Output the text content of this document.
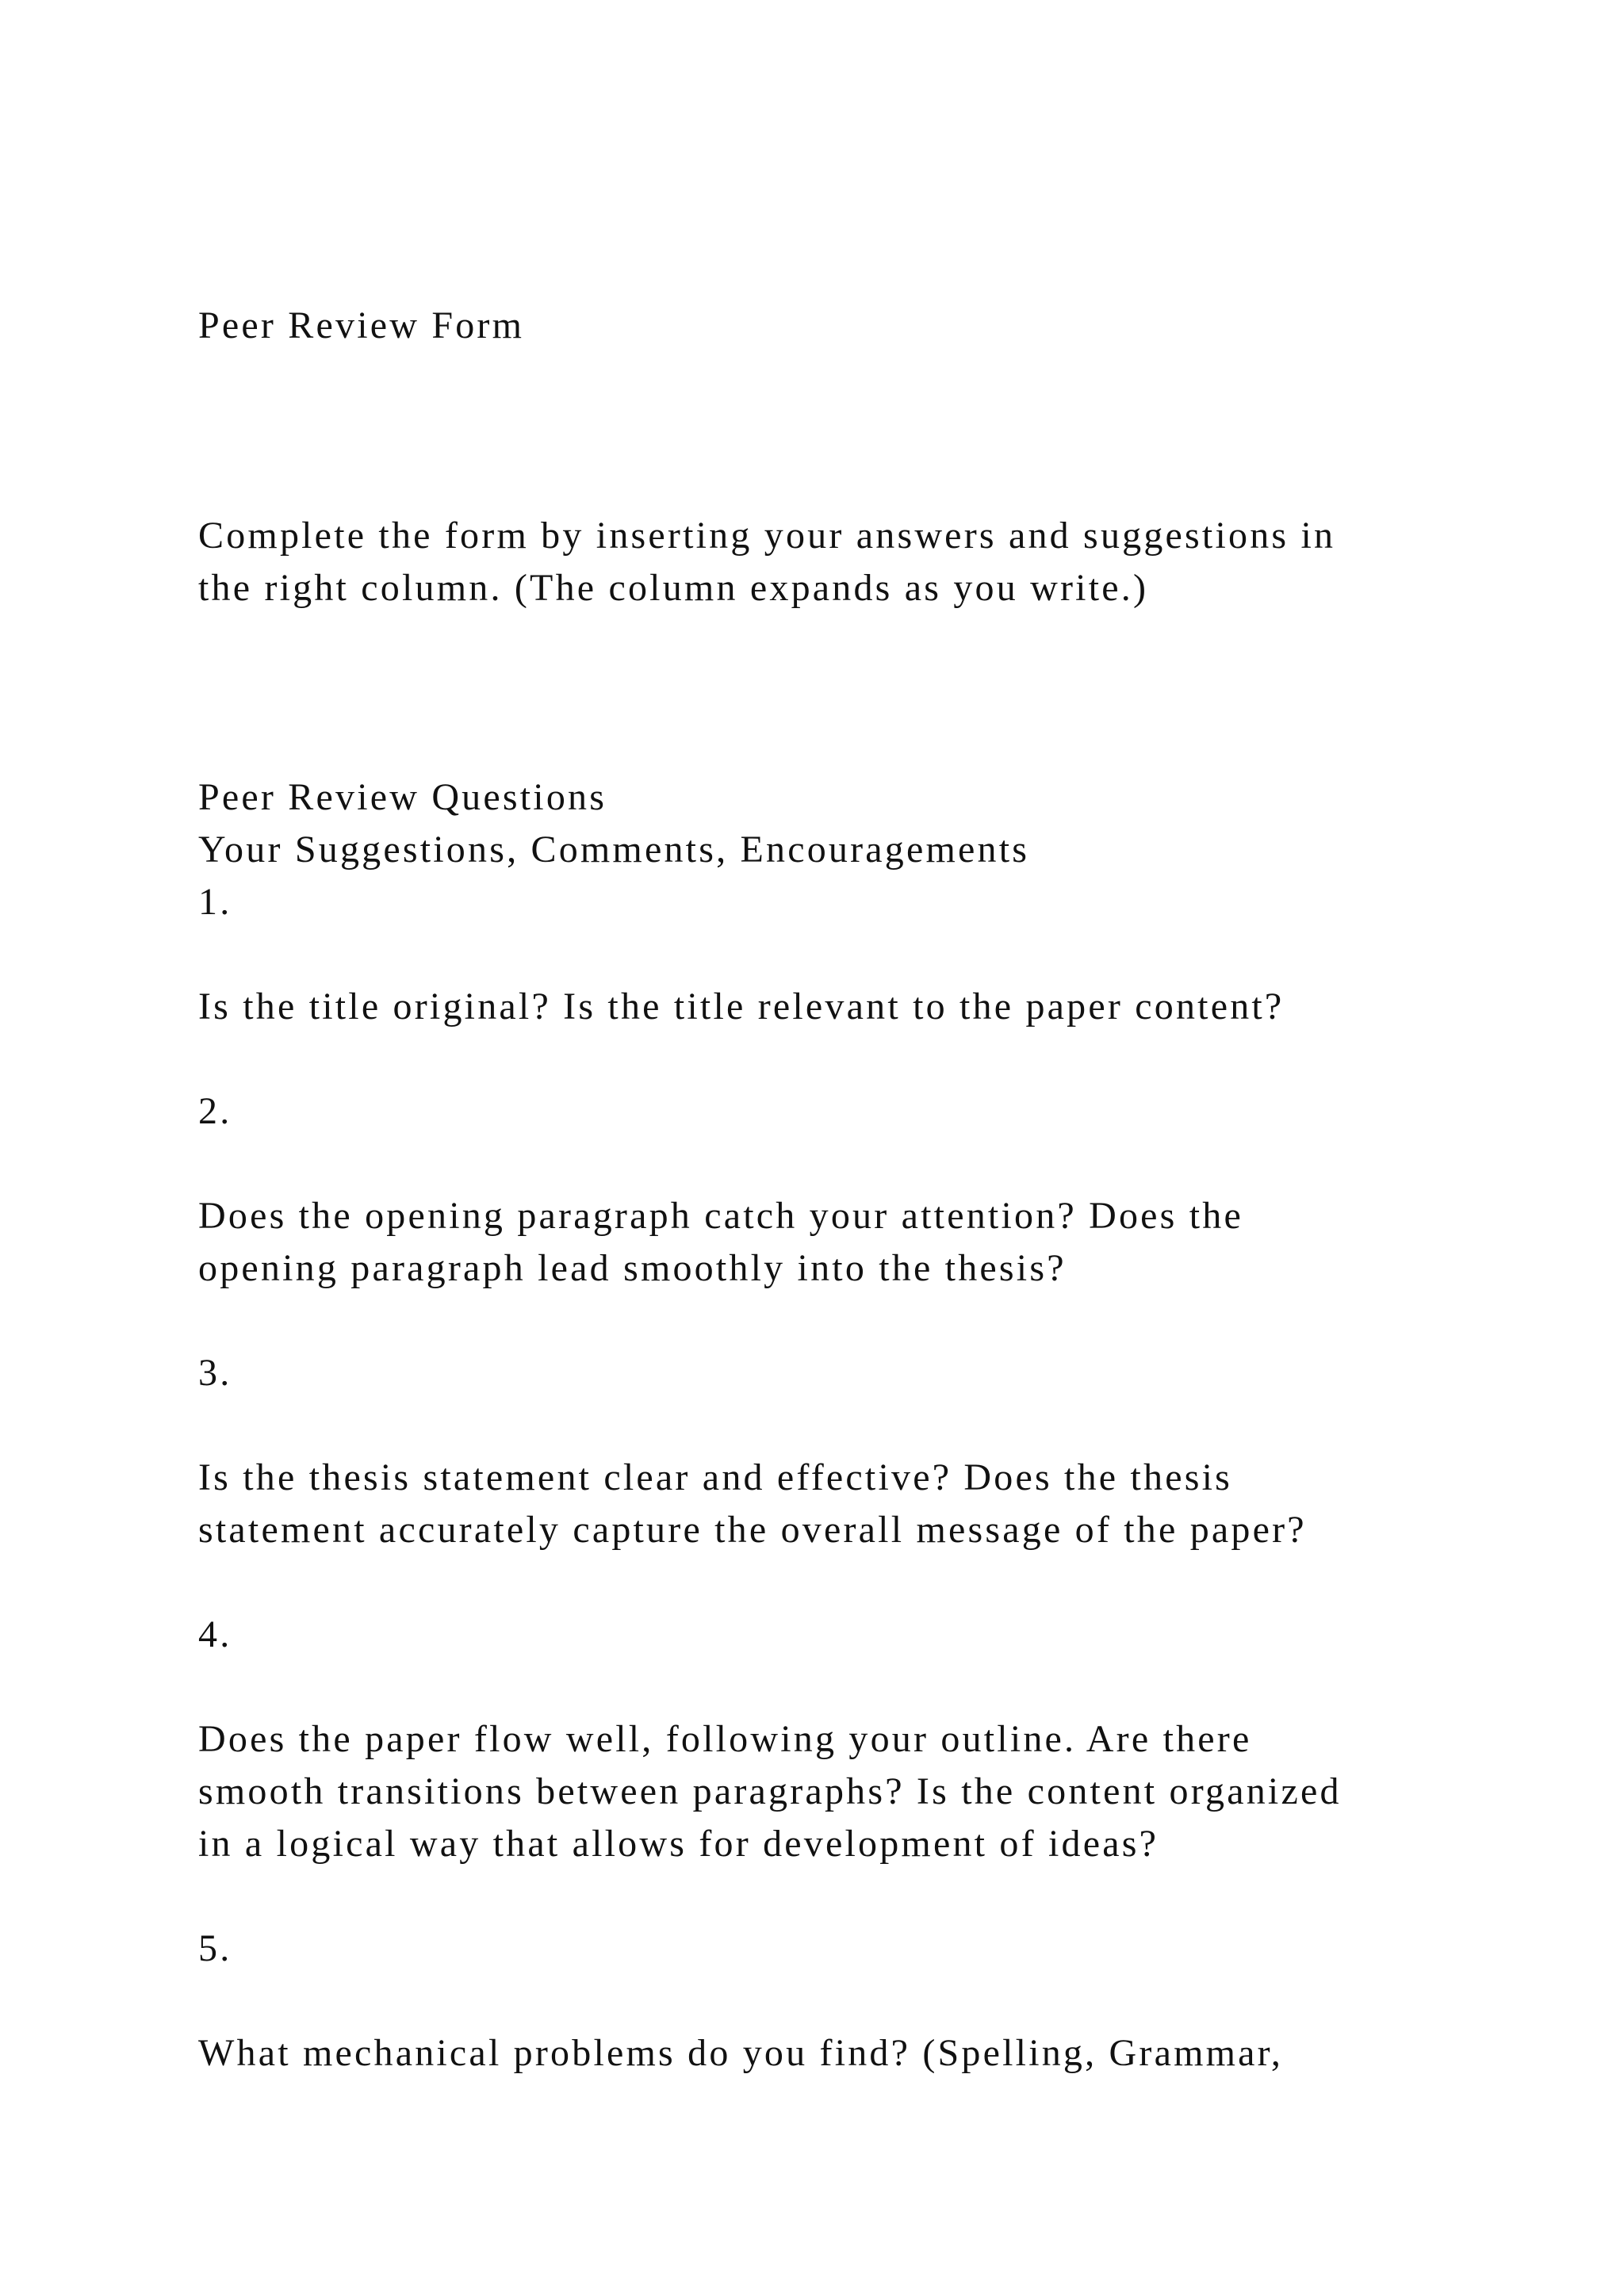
Peer Review Form
Complete the form by inserting your answers and suggestions in
the right column. (The column expands as you write.)
Peer Review Questions
Your Suggestions, Comments, Encouragements
1.
Is the title original? Is the title relevant to the paper content?
2.
Does the opening paragraph catch your attention? Does the
opening paragraph lead smoothly into the thesis?
3.
Is the thesis statement clear and effective? Does the thesis
statement accurately capture the overall message of the paper?
4.
Does the paper flow well, following your outline. Are there
smooth transitions between paragraphs? Is the content organized
in a logical way that allows for development of ideas?
5.
What mechanical problems do you find? (Spelling, Grammar,
